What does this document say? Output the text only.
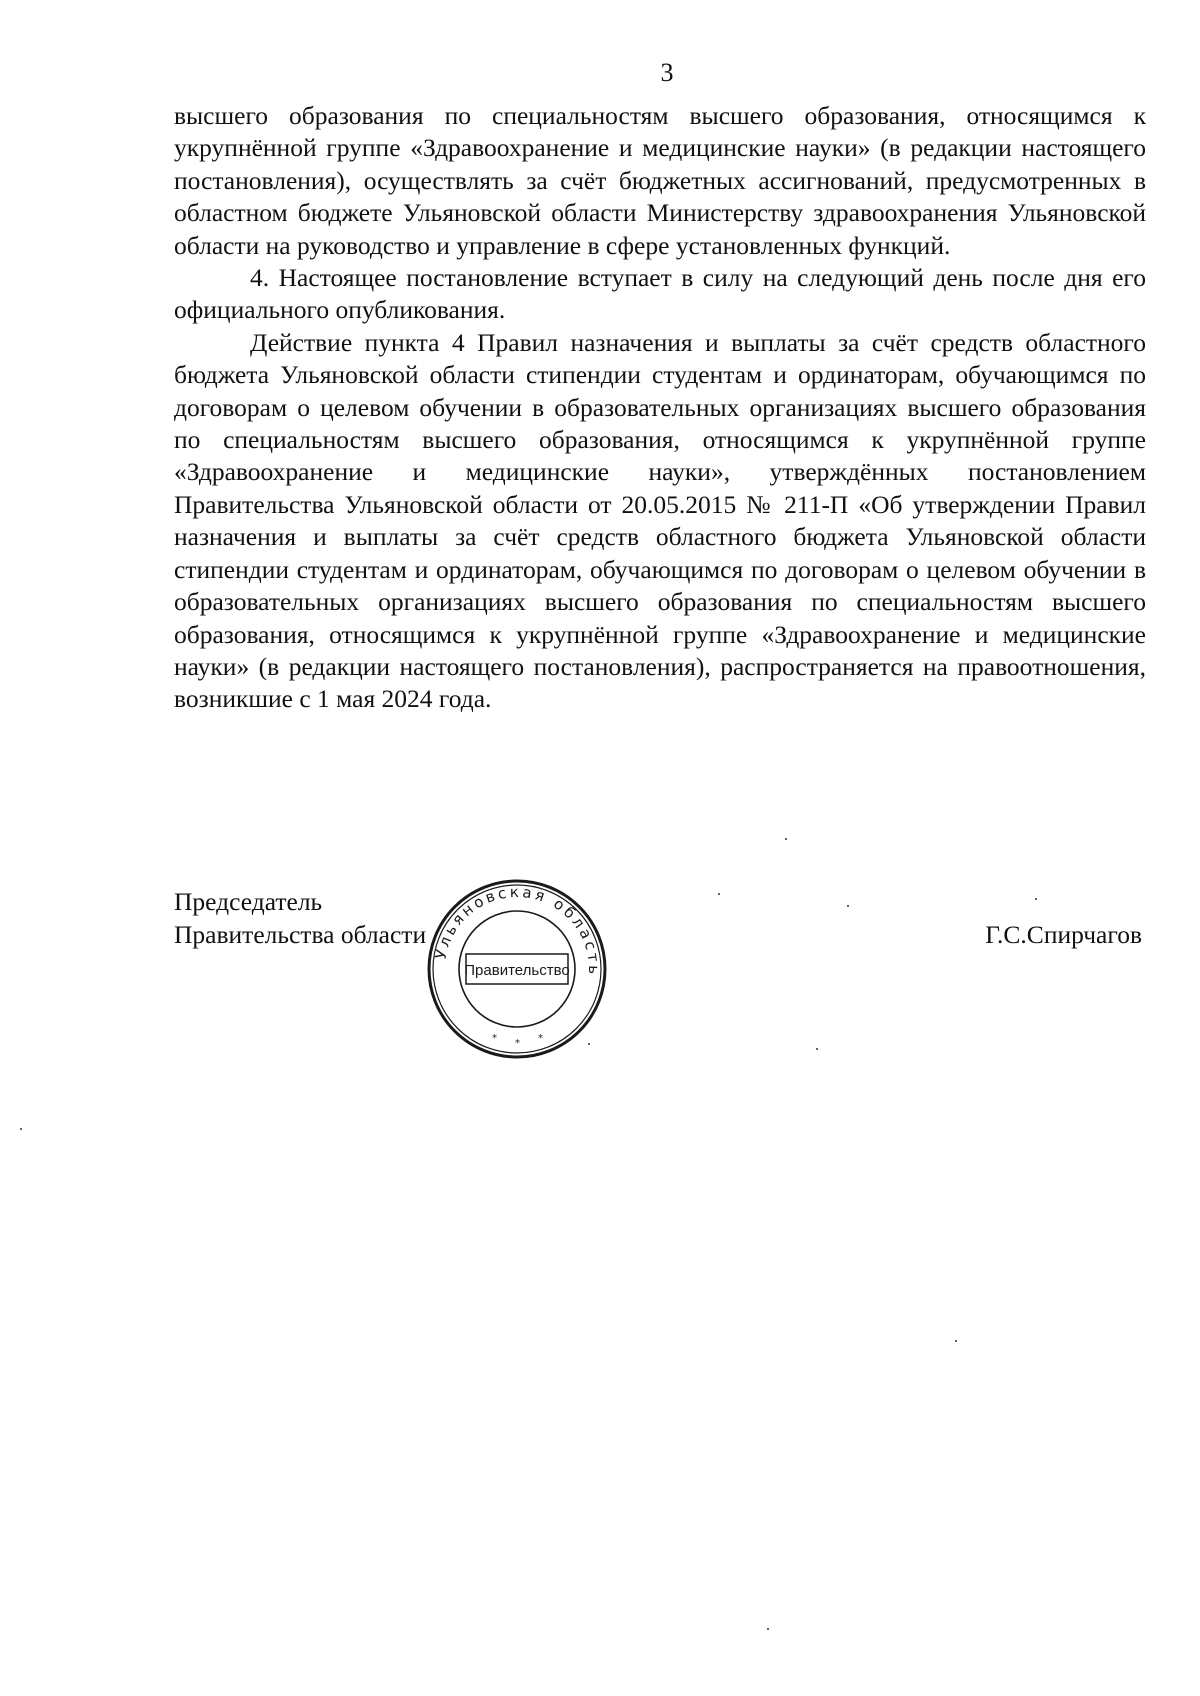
3

высшего образования по специальностям высшего образования, относящимся к укрупнённой группе «Здравоохранение и медицинские науки» (в редакции настоящего постановления), осуществлять за счёт бюджетных ассигнований, предусмотренных в областном бюджете Ульяновской области Министерству здравоохранения Ульяновской области на руководство и управление в сфере установленных функций.

4. Настоящее постановление вступает в силу на следующий день после дня его официального опубликования.

Действие пункта 4 Правил назначения и выплаты за счёт средств областного бюджета Ульяновской области стипендии студентам и ординаторам, обучающимся по договорам о целевом обучении в образовательных организациях высшего образования по специальностям высшего образования, относящимся к укрупнённой группе «Здравоохранение и медицинские науки», утверждённых постановлением Правительства Ульяновской области от 20.05.2015 № 211-П «Об утверждении Правил назначения и выплаты за счёт средств областного бюджета Ульяновской области стипендии студентам и ординаторам, обучающимся по договорам о целевом обучении в образовательных организациях высшего образования по специальностям высшего образования, относящимся к укрупнённой группе «Здравоохранение и медицинские науки» (в редакции настоящего постановления), распространяется на правоотношения, возникшие с 1 мая 2024 года.

Председатель
Правительства области	Г.С.Спирчагов
Ульяновская область
Правительство
* * *
